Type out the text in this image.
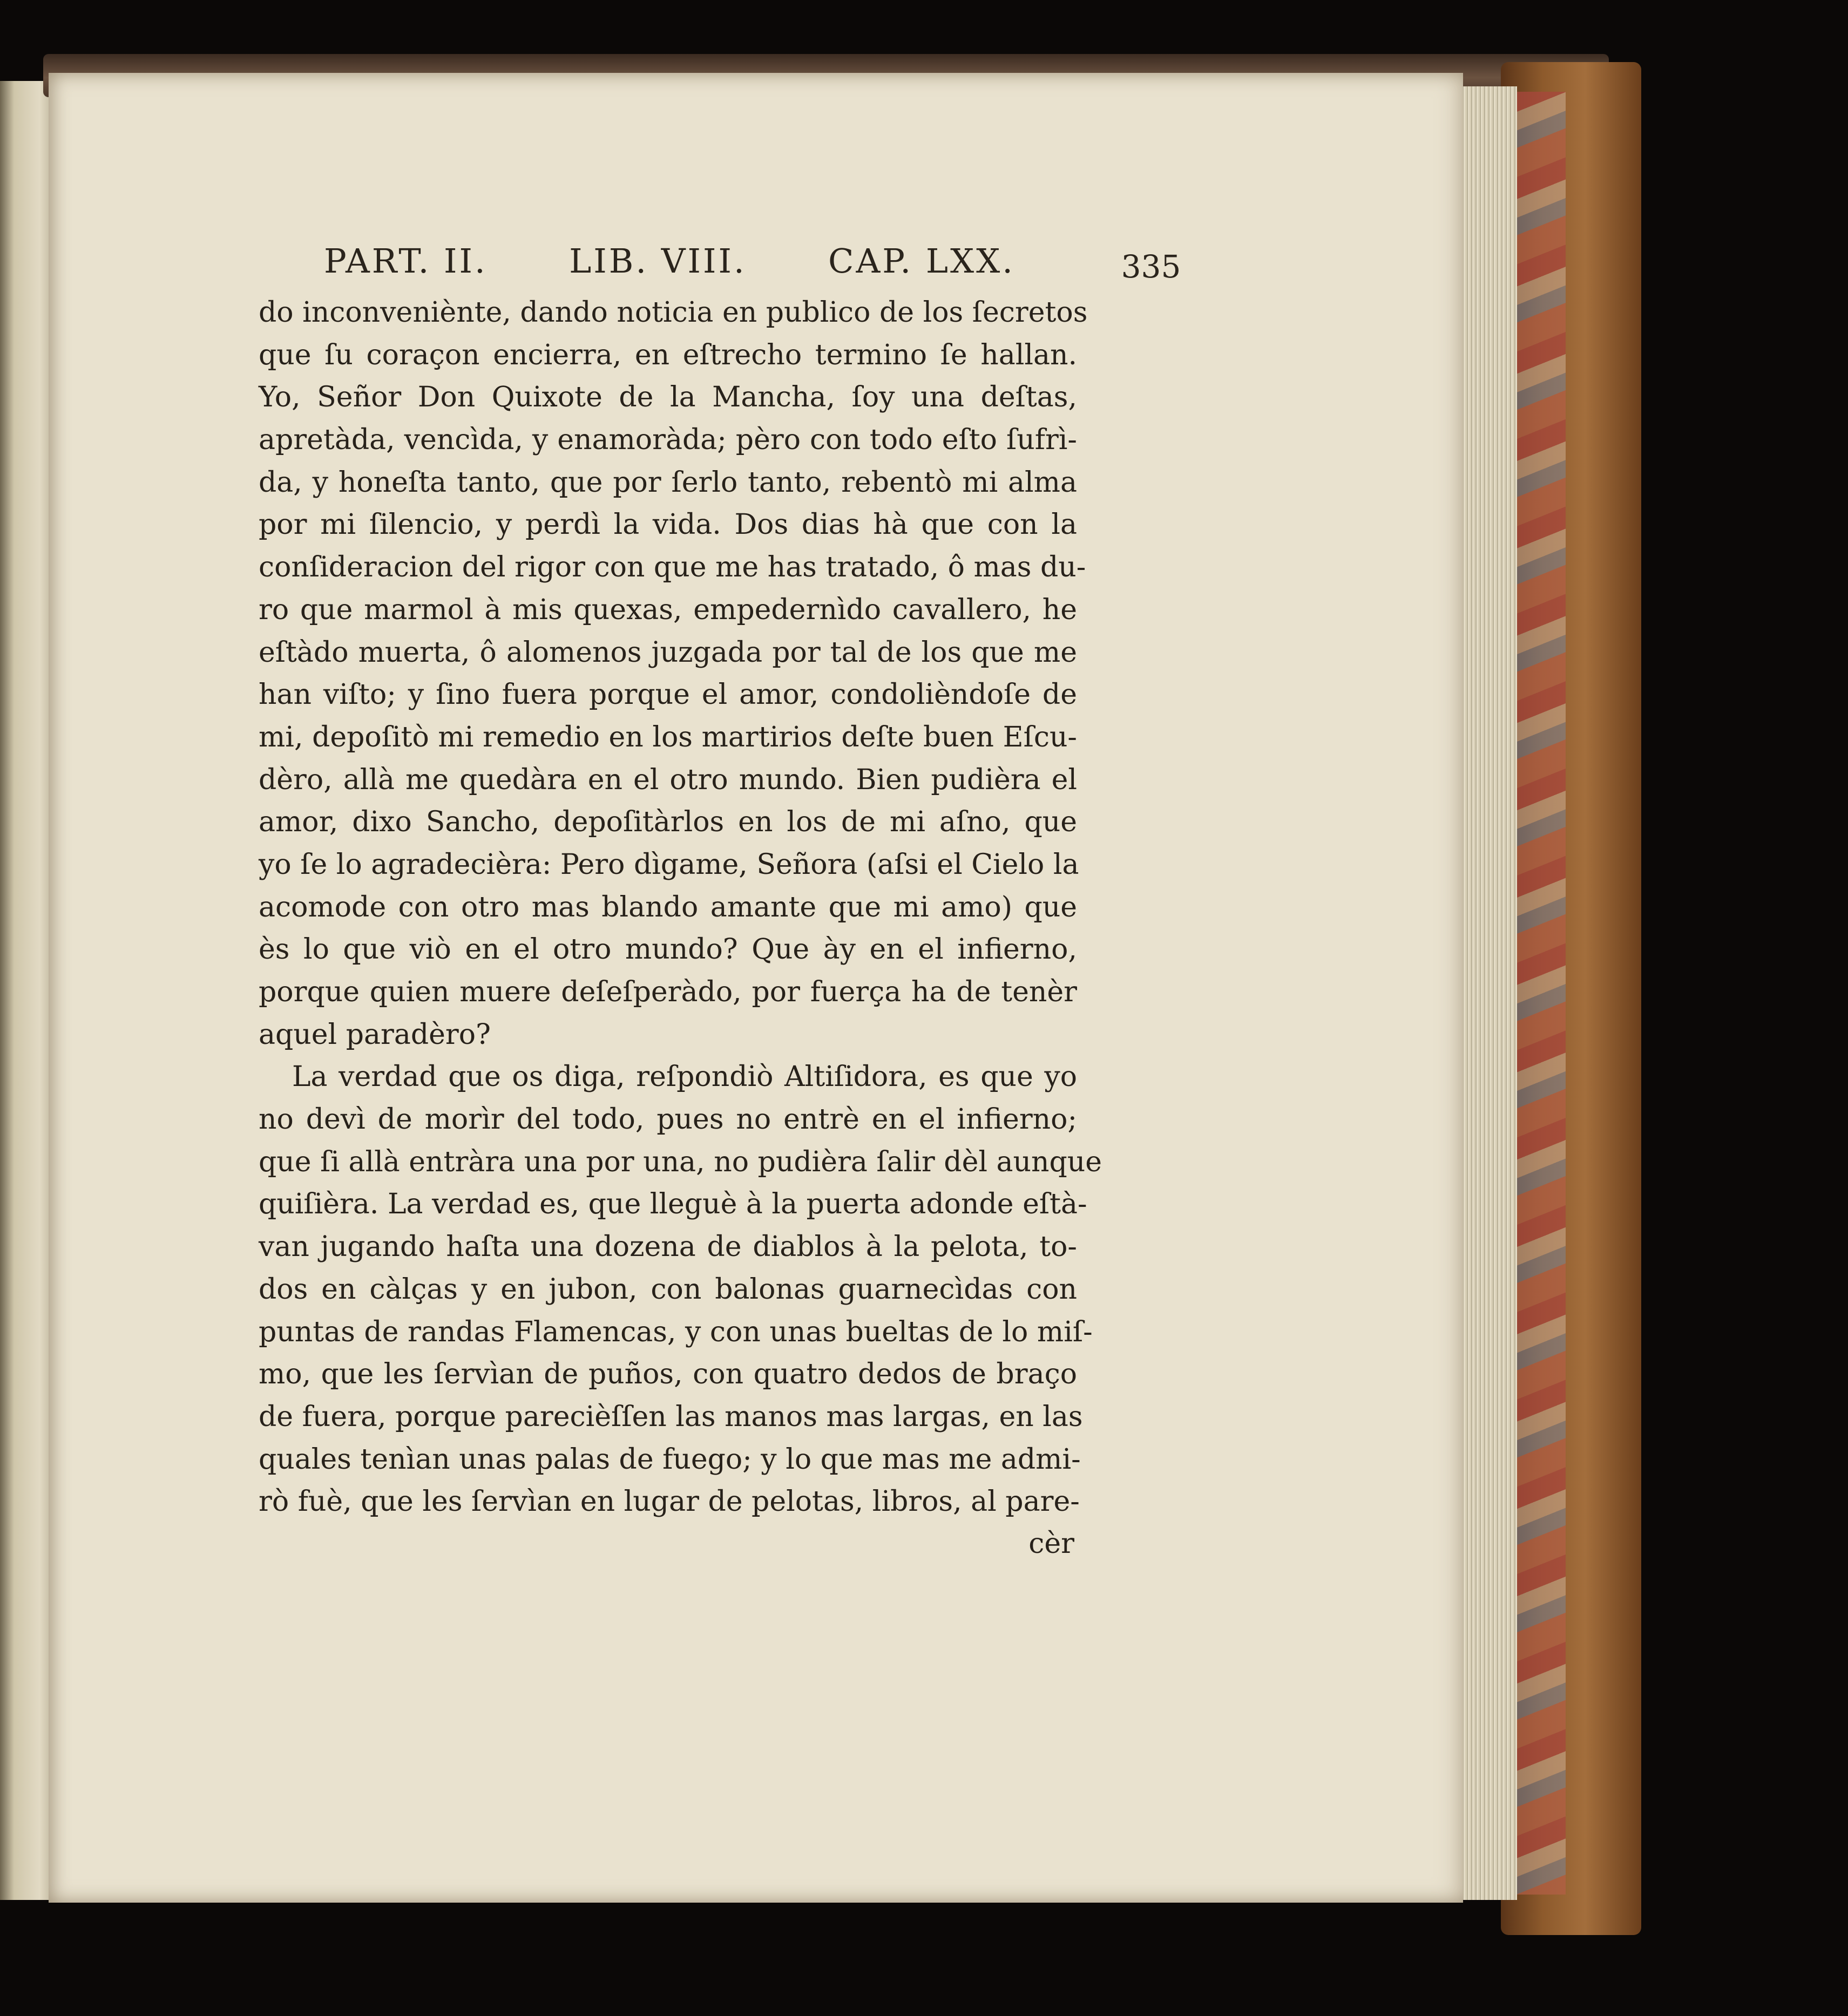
PART. II. LIB. VIII. CAP. LXX.	335
do inconveniènte, dando noticia en publico de los ſecretos
que ſu coraçon encierra, en eſtrecho termino ſe hallan.
Yo, Señor Don Quixote de la Mancha, ſoy una deſtas,
apretàda, vencìda, y enamoràda; pèro con todo eſto ſufrì-
da, y honeſta tanto, que por ſerlo tanto, rebentò mi alma
por mi ſilencio, y perdì la vida. Dos dias hà que con la
conſideracion del rigor con que me has tratado, ô mas du-
ro que marmol à mis quexas, empedernìdo cavallero, he
eſtàdo muerta, ô alomenos juzgada por tal de los que me
han viſto; y ſino fuera porque el amor, condolièndoſe de
mi, depoſitò mi remedio en los martirios deſte buen Eſcu-
dèro, allà me quedàra en el otro mundo. Bien pudièra el
amor, dixo Sancho, depoſitàrlos en los de mi aſno, que
yo ſe lo agradecièra: Pero dìgame, Señora (aſsi el Cielo la
acomode con otro mas blando amante que mi amo) que
ès lo que viò en el otro mundo? Que ày en el infierno,
porque quien muere deſeſperàdo, por fuerça ha de tenèr
aquel paradèro?
La verdad que os diga, reſpondiò Altiſidora, es que yo
no devì de morìr del todo, pues no entrè en el infierno;
que ſi allà entràra una por una, no pudièra ſalir dèl aunque
quiſièra. La verdad es, que lleguè à la puerta adonde eſtà-
van jugando haſta una dozena de diablos à la pelota, to-
dos en càlças y en jubon, con balonas guarnecìdas con
puntas de randas Flamencas, y con unas bueltas de lo miſ-
mo, que les ſervìan de puños, con quatro dedos de braço
de fuera, porque parecièſſen las manos mas largas, en las
quales tenìan unas palas de fuego; y lo que mas me admi-
rò fuè, que les ſervìan en lugar de pelotas, libros, al pare-
cèr
